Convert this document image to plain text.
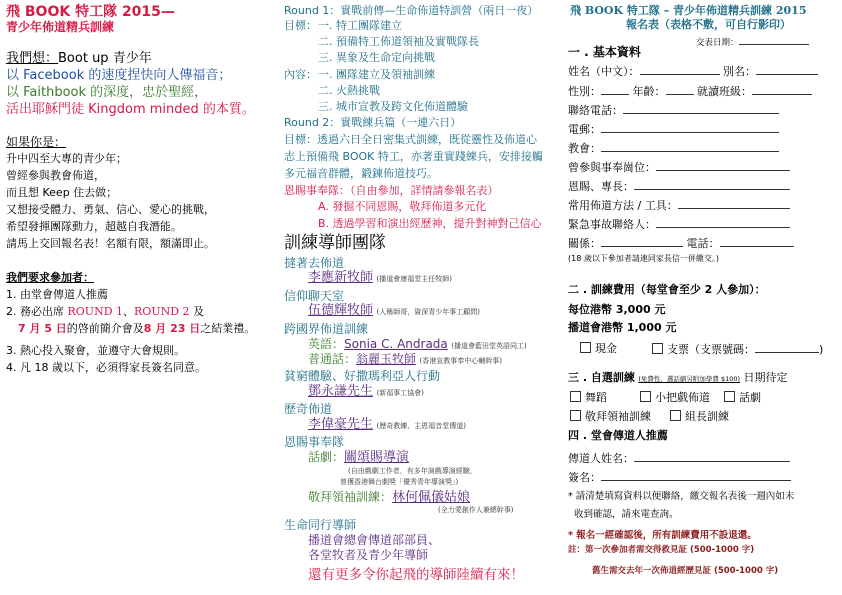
飛 BOOK 特工隊 2015—
青少年佈道精兵訓練
我們想：Boot up 青少年
以 Facebook 的速度捏快向人傳福音；
以 Faithbook 的深度，忠於聖經，
活出耶穌門徒 Kingdom minded 的本質。
如果你是：
升中四至大專的青少年；
曾經參與教會佈道，
而且想 Keep 住去做；
又想接受體力、勇氣、信心、愛心的挑戰，
希望發揮團隊動力，超越自我潛能。
請馬上交回報名表！名額有限，額滿即止。
我們要求參加者：
1. 由堂會傳道人推薦
2. 務必出席 ROUND 1、ROUND 2 及
7 月 5 日的啓前簡介會及8 月 23 日之結業禮。
3. 熱心投入聚會，並遵守大會規則。
4. 凡 18 歲以下，必須得家長簽名同意。
Round 1：實戰前傳—生命佈道特訓營（兩日一夜）
目標： 一. 特工團隊建立
二. 預備特工佈道領袖及實戰隊長
三. 異象及生命定向挑戰
內容： 一. 團隊建立及領袖訓練
二. 火熱挑戰
三. 城市宣教及跨文化佈道體驗
Round 2：實戰練兵篇（一連六日）
目標：透過六日全日密集式訓練，既從靈性及佈道心
志上預備飛 BOOK 特工，亦著重實踐練兵，安排接觸
多元福音群體，鍛鍊佈道技巧。
恩賜事奉隊：（自由參加，詳情請參報名表）
A. 發掘不同恩賜，敬拜佈道多元化
B. 透過學習和演出經歷神，提升對神對己信心
訓練導師團隊
撻著去佈道
李應新牧師 (播道會康福堂主任牧師)
信仰聊天室
伍德輝牧師 (人稱師哥，資深青少年事工顧問)
跨國界佈道訓練
英語：Sonia C. Andrada (播道會藍田堂英語同工)
普通話：翁麗玉牧師 (香港宣教事奉中心輔幹事)
貧窮體驗、好撒瑪利亞人行動
鄧永謙先生 (新福事工協會)
歷奇佈道
李偉豪先生 (歷奇教練、主恩福音堂傳道)
恩賜事奉隊
話劇：關頌賜導演
(自由戲劇工作者，有多年演戲導演經驗，
曾獲香港舞台劇獎「優秀青年導演獎」)
敬拜領袖訓練：林何佩儀姑娘
(全力愛創作人兼總幹事)
生命同行導師
播道會總會傳道部部員、
各堂牧者及青少年導師
還有更多令你起飛的導師陸續有來！
飛 BOOK 特工隊 – 青少年佈道精兵訓練 2015
報名表（表格不敷，可自行影印）
交表日期：
一 . 基本資料
姓名（中文）：	別名：
性別：	年齡：	就讀班級：
聯絡電話：
電郵：
教會：
曾參與事奉崗位：
恩賜、專長：
常用佈道方法 / 工具：
緊急事故聯絡人：
關係：	電話：
(18 歲以下參加者請連同家長信一併繳交。)
二 . 訓練費用（每堂會至少 2 人參加）：
每位港幣 3,000 元
播道會港幣 1,000 元
現金	支票（支票號碼：	)
三 . 自選訓練 (免費性，選話劇另附加學費 $100) 日期待定
舞蹈	小把戲佈道	話劇
敬拜領袖訓練	組長訓練
四 . 堂會傳道人推薦
傳道人姓名：
簽名：
* 請清楚填寫資料以便聯絡，繳交報名表後一週內如未
收到確認，請來電查詢。
* 報名一經確認後，所有訓練費用不設退還。
註：第一次參加者需交得救見証 (500-1000 字)
舊生需交去年一次佈道經歷見証 (500-1000 字)
